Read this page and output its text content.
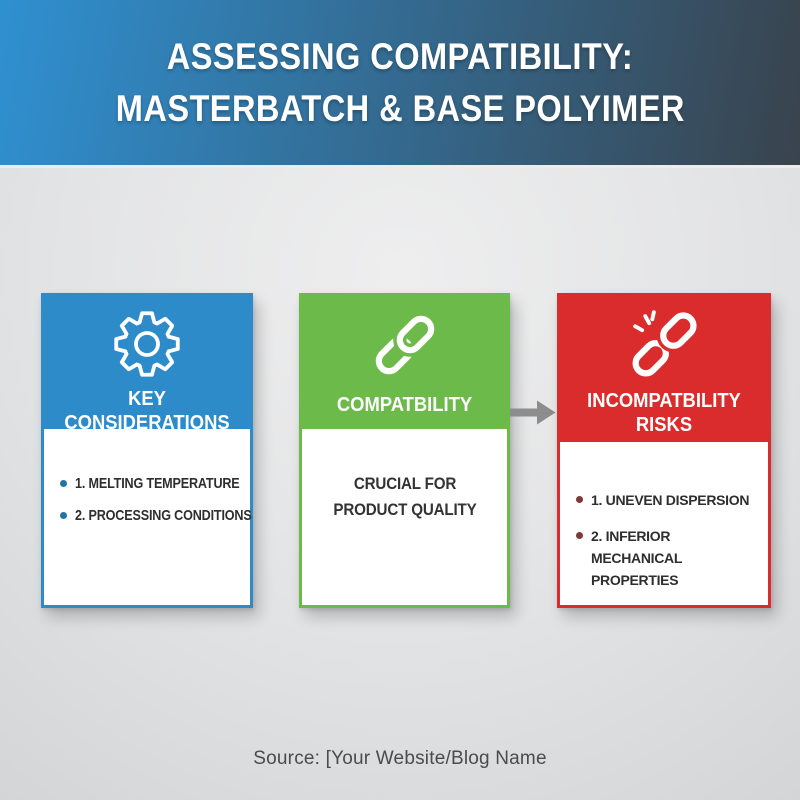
ASSESSING COMPATIBILITY:
MASTERBATCH & BASE POLYIMER
KEY CONSIDERATIONS
1. MELTING TEMPERATURE
2. PROCESSING CONDITIONS
COMPATBILITY
CRUCIAL FOR PRODUCT QUALITY
INCOMPATBILITY RISKS
1. UNEVEN DISPERSION
2. INFERIOR MECHANICAL PROPERTIES
Source: [Your Website/Blog Name
